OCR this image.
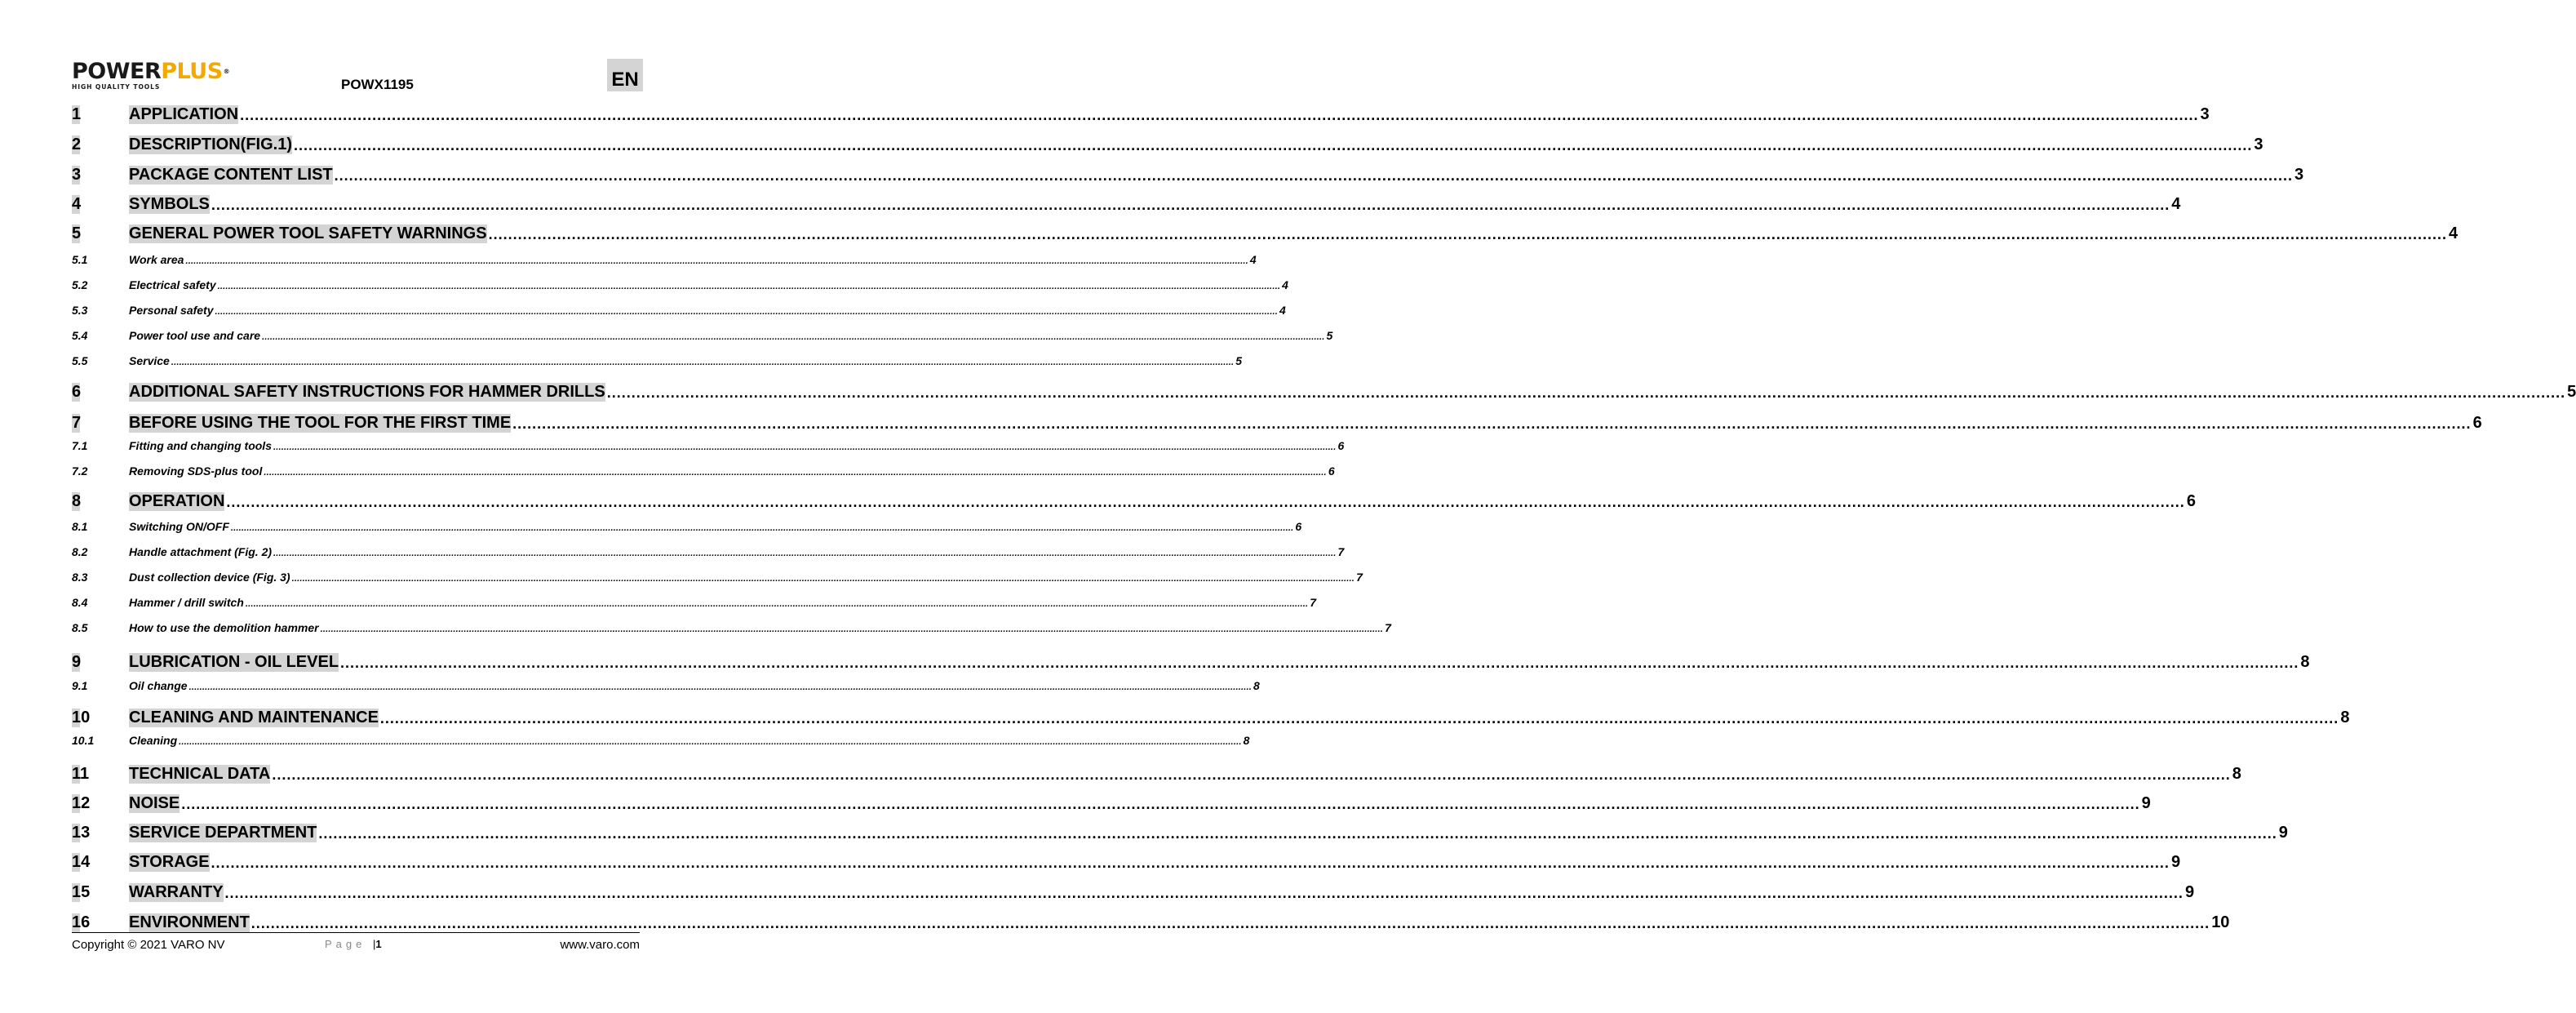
POWERPLUS®
HIGH QUALITY TOOLS	POWX1195	EN
1	APPLICATION ................................................................................................................................................................................................................................................................................................................................................................................................................ 3
2	DESCRIPTION(FIG.1) ................................................................................................................................................................................................................................................................................................................................................................................................................ 3
3	PACKAGE CONTENT LIST ................................................................................................................................................................................................................................................................................................................................................................................................................ 3
4	SYMBOLS ................................................................................................................................................................................................................................................................................................................................................................................................................ 4
5	GENERAL POWER TOOL SAFETY WARNINGS ................................................................................................................................................................................................................................................................................................................................................................................................................ 4
5.1	Work area ................................................................................................................................................................................................................................................................................................................................................................................................................ 4
5.2	Electrical safety ................................................................................................................................................................................................................................................................................................................................................................................................................ 4
5.3	Personal safety ................................................................................................................................................................................................................................................................................................................................................................................................................ 4
5.4	Power tool use and care ................................................................................................................................................................................................................................................................................................................................................................................................................ 5
5.5	Service ................................................................................................................................................................................................................................................................................................................................................................................................................ 5
6	ADDITIONAL SAFETY INSTRUCTIONS FOR HAMMER DRILLS ................................................................................................................................................................................................................................................................................................................................................................................................................ 5
7	BEFORE USING THE TOOL FOR THE FIRST TIME ................................................................................................................................................................................................................................................................................................................................................................................................................ 6
7.1	Fitting and changing tools ................................................................................................................................................................................................................................................................................................................................................................................................................ 6
7.2	Removing SDS-plus tool ................................................................................................................................................................................................................................................................................................................................................................................................................ 6
8	OPERATION ................................................................................................................................................................................................................................................................................................................................................................................................................ 6
8.1	Switching ON/OFF ................................................................................................................................................................................................................................................................................................................................................................................................................ 6
8.2	Handle attachment (Fig. 2) ................................................................................................................................................................................................................................................................................................................................................................................................................ 7
8.3	Dust collection device (Fig. 3) ................................................................................................................................................................................................................................................................................................................................................................................................................ 7
8.4	Hammer / drill switch ................................................................................................................................................................................................................................................................................................................................................................................................................ 7
8.5	How to use the demolition hammer ................................................................................................................................................................................................................................................................................................................................................................................................................ 7
9	LUBRICATION - OIL LEVEL ................................................................................................................................................................................................................................................................................................................................................................................................................ 8
9.1	Oil change ................................................................................................................................................................................................................................................................................................................................................................................................................ 8
10	CLEANING AND MAINTENANCE ................................................................................................................................................................................................................................................................................................................................................................................................................ 8
10.1	Cleaning ................................................................................................................................................................................................................................................................................................................................................................................................................ 8
11	TECHNICAL DATA ................................................................................................................................................................................................................................................................................................................................................................................................................ 8
12	NOISE ................................................................................................................................................................................................................................................................................................................................................................................................................ 9
13	SERVICE DEPARTMENT ................................................................................................................................................................................................................................................................................................................................................................................................................ 9
14	STORAGE ................................................................................................................................................................................................................................................................................................................................................................................................................ 9
15	WARRANTY ................................................................................................................................................................................................................................................................................................................................................................................................................ 9
16	ENVIRONMENT ................................................................................................................................................................................................................................................................................................................................................................................................................ 10
Copyright © 2021 VARO NV	Page |1	www.varo.com
